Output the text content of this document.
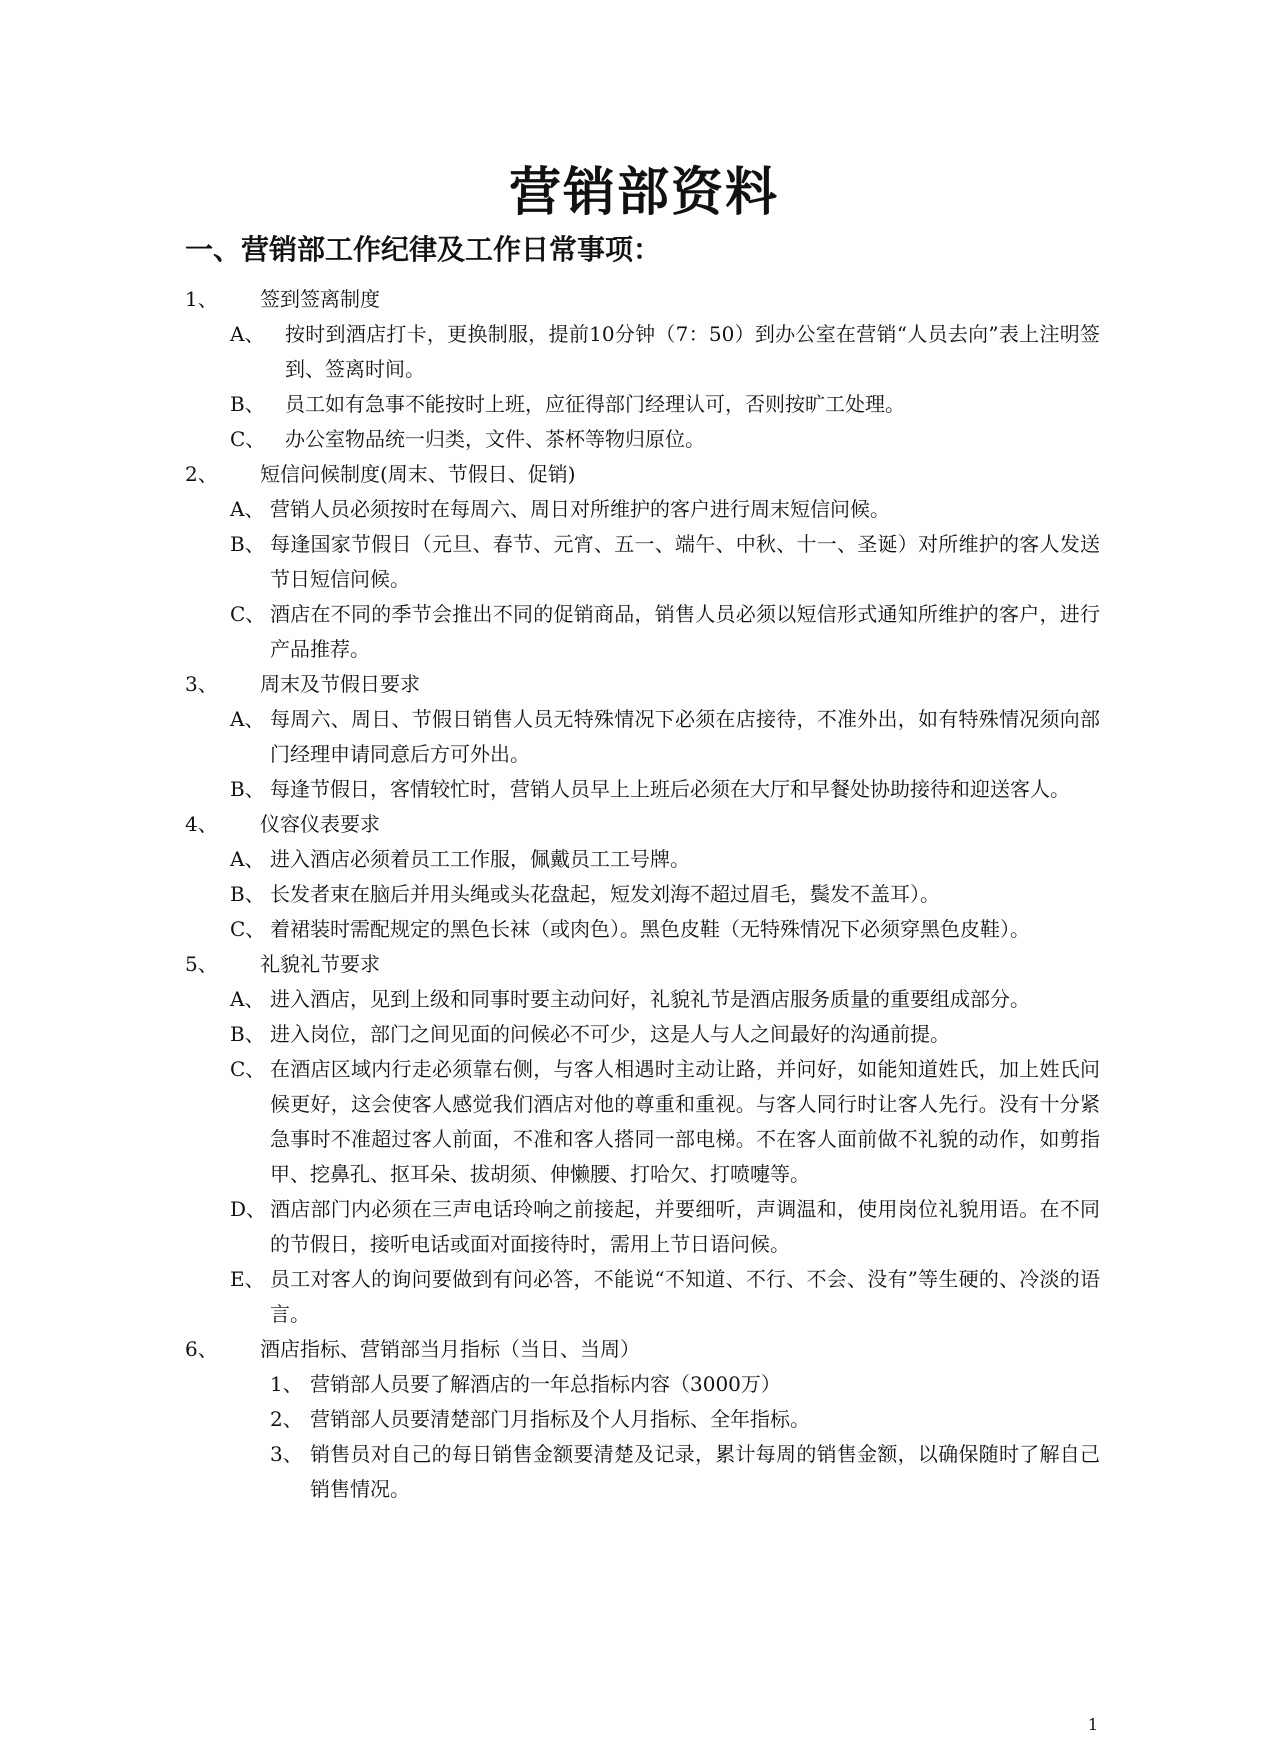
营销部资料
一、营销部工作纪律及工作日常事项：
1、	签到签离制度
A、	按时到酒店打卡，更换制服，提前10分钟（7：50）到办公室在营销“人员去向”表上注明签到、签离时间。
B、	员工如有急事不能按时上班，应征得部门经理认可，否则按旷工处理。
C、 办公室物品统一归类，文件、茶杯等物归原位。
2、	短信问候制度(周末、节假日、促销)
A、 营销人员必须按时在每周六、周日对所维护的客户进行周末短信问候。
B、 每逢国家节假日（元旦、春节、元宵、五一、端午、中秋、十一、圣诞）对所维护的客人发送节日短信问候。
C、 酒店在不同的季节会推出不同的促销商品，销售人员必须以短信形式通知所维护的客户，进行产品推荐。
3、	周末及节假日要求
A、 每周六、周日、节假日销售人员无特殊情况下必须在店接待，不准外出，如有特殊情况须向部门经理申请同意后方可外出。
B、 每逢节假日，客情较忙时，营销人员早上上班后必须在大厅和早餐处协助接待和迎送客人。
4、	仪容仪表要求
A、 进入酒店必须着员工工作服，佩戴员工工号牌。
B、 长发者束在脑后并用头绳或头花盘起，短发刘海不超过眉毛，鬓发不盖耳）。
C、 着裙装时需配规定的黑色长袜（或肉色）。黑色皮鞋（无特殊情况下必须穿黑色皮鞋）。
5、	礼貌礼节要求
A、 进入酒店，见到上级和同事时要主动问好，礼貌礼节是酒店服务质量的重要组成部分。
B、 进入岗位，部门之间见面的问候必不可少，这是人与人之间最好的沟通前提。
C、 在酒店区域内行走必须靠右侧，与客人相遇时主动让路，并问好，如能知道姓氏，加上姓氏问候更好，这会使客人感觉我们酒店对他的尊重和重视。与客人同行时让客人先行。没有十分紧急事时不准超过客人前面，不准和客人搭同一部电梯。不在客人面前做不礼貌的动作，如剪指甲、挖鼻孔、抠耳朵、拔胡须、伸懒腰、打哈欠、打喷嚏等。
D、 酒店部门内必须在三声电话玲响之前接起，并要细听，声调温和，使用岗位礼貌用语。在不同的节假日，接听电话或面对面接待时，需用上节日语问候。
E、 员工对客人的询问要做到有问必答，不能说“不知道、不行、不会、没有”等生硬的、冷淡的语言。
6、	酒店指标、营销部当月指标（当日、当周）
1、 营销部人员要了解酒店的一年总指标内容（3000万）
2、 营销部人员要清楚部门月指标及个人月指标、全年指标。
3、 销售员对自己的每日销售金额要清楚及记录，累计每周的销售金额，以确保随时了解自己销售情况。
1
